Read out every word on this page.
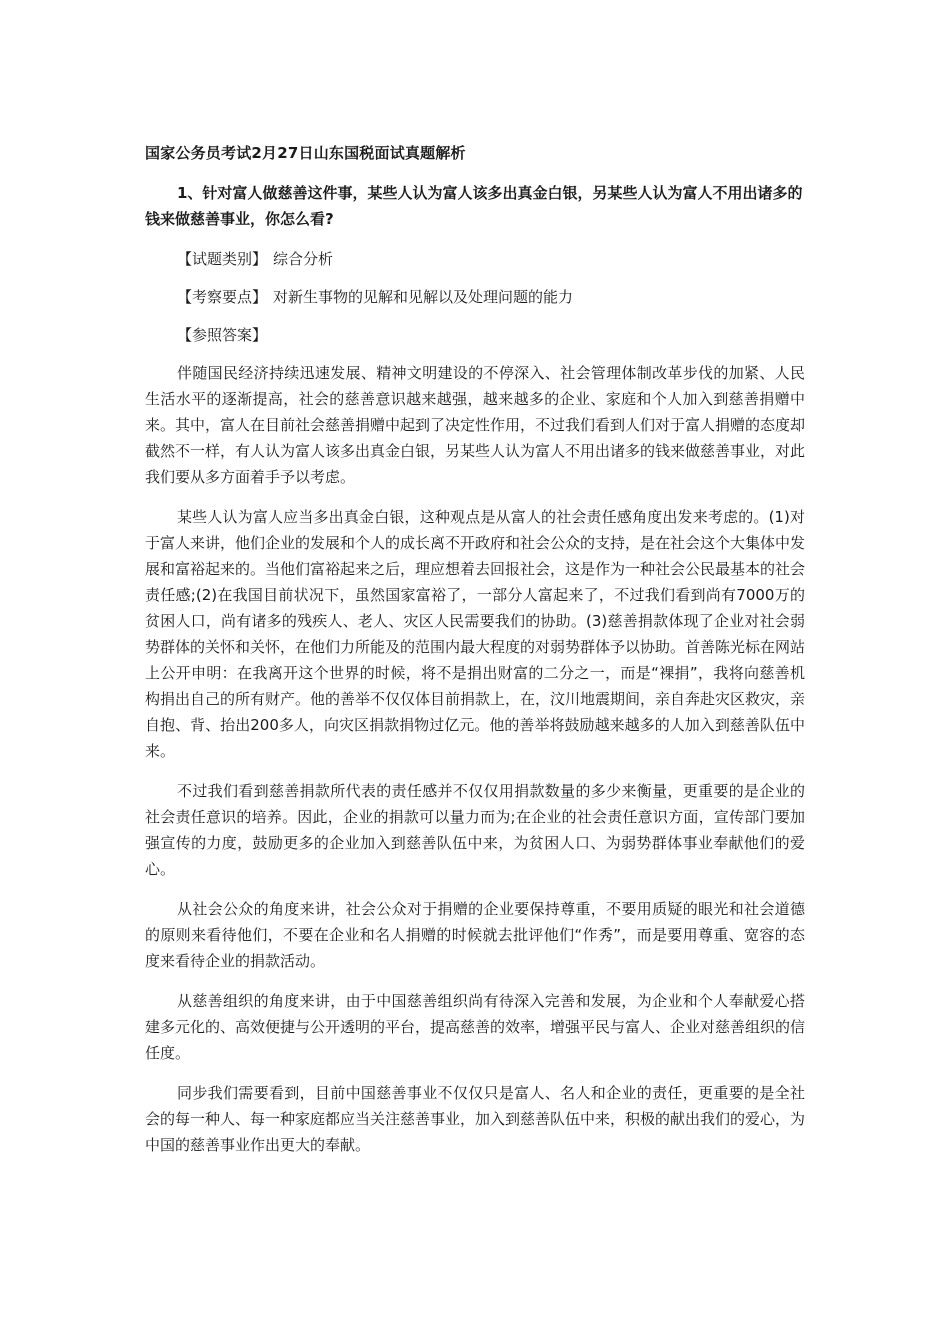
国家公务员考试2月27日山东国税面试真题解析
1、针对富人做慈善这件事，某些人认为富人该多出真金白银，另某些人认为富人不用出诸多的钱来做慈善事业，你怎么看?
【试题类别】 综合分析
【考察要点】 对新生事物的见解和见解以及处理问题的能力
【参照答案】

伴随国民经济持续迅速发展、精神文明建设的不停深入、社会管理体制改革步伐的加紧、人民生活水平的逐渐提高，社会的慈善意识越来越强，越来越多的企业、家庭和个人加入到慈善捐赠中来。其中，富人在目前社会慈善捐赠中起到了决定性作用，不过我们看到人们对于富人捐赠的态度却截然不一样，有人认为富人该多出真金白银，另某些人认为富人不用出诸多的钱来做慈善事业，对此我们要从多方面着手予以考虑。

某些人认为富人应当多出真金白银，这种观点是从富人的社会责任感角度出发来考虑的。(1)对于富人来讲，他们企业的发展和个人的成长离不开政府和社会公众的支持，是在社会这个大集体中发展和富裕起来的。当他们富裕起来之后，理应想着去回报社会，这是作为一种社会公民最基本的社会责任感;(2)在我国目前状况下，虽然国家富裕了，一部分人富起来了，不过我们看到尚有7000万的贫困人口，尚有诸多的残疾人、老人、灾区人民需要我们的协助。(3)慈善捐款体现了企业对社会弱势群体的关怀和关怀，在他们力所能及的范围内最大程度的对弱势群体予以协助。首善陈光标在网站上公开申明：在我离开这个世界的时候，将不是捐出财富的二分之一，而是“裸捐”，我将向慈善机构捐出自己的所有财产。他的善举不仅仅体目前捐款上，在，汶川地震期间，亲自奔赴灾区救灾，亲自抱、背、抬出200多人，向灾区捐款捐物过亿元。他的善举将鼓励越来越多的人加入到慈善队伍中来。

不过我们看到慈善捐款所代表的责任感并不仅仅用捐款数量的多少来衡量，更重要的是企业的社会责任意识的培养。因此，企业的捐款可以量力而为;在企业的社会责任意识方面，宣传部门要加强宣传的力度，鼓励更多的企业加入到慈善队伍中来，为贫困人口、为弱势群体事业奉献他们的爱心。

从社会公众的角度来讲，社会公众对于捐赠的企业要保持尊重，不要用质疑的眼光和社会道德的原则来看待他们，不要在企业和名人捐赠的时候就去批评他们“作秀”，而是要用尊重、宽容的态度来看待企业的捐款活动。

从慈善组织的角度来讲，由于中国慈善组织尚有待深入完善和发展，为企业和个人奉献爱心搭建多元化的、高效便捷与公开透明的平台，提高慈善的效率，增强平民与富人、企业对慈善组织的信任度。

同步我们需要看到，目前中国慈善事业不仅仅只是富人、名人和企业的责任，更重要的是全社会的每一种人、每一种家庭都应当关注慈善事业，加入到慈善队伍中来，积极的献出我们的爱心，为中国的慈善事业作出更大的奉献。
